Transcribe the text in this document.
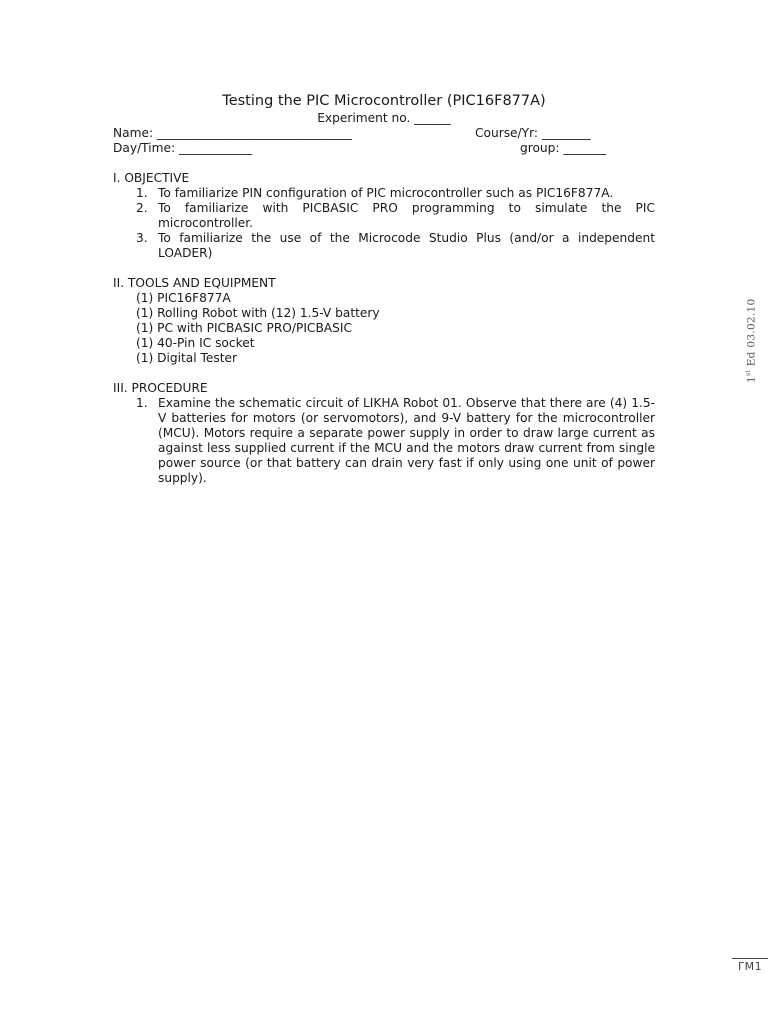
Testing the PIC Microcontroller (PIC16F877A)
Experiment no. ______
Name: ________________________________	Course/Yr: ________
Day/Time: ____________	group: _______
I. OBJECTIVE
1. To familiarize PIN configuration of PIC microcontroller such as PIC16F877A.
2. To familiarize with PICBASIC PRO programming to simulate the PIC microcontroller.
3. To familiarize the use of the Microcode Studio Plus (and/or a independent LOADER)
II. TOOLS AND EQUIPMENT
(1) PIC16F877A
(1) Rolling Robot with (12) 1.5-V battery
(1) PC with PICBASIC PRO/PICBASIC
(1) 40-Pin IC socket
(1) Digital Tester
III. PROCEDURE
1. Examine the schematic circuit of LIKHA Robot 01. Observe that there are (4) 1.5-V batteries for motors (or servomotors), and 9-V battery for the microcontroller (MCU). Motors require a separate power supply in order to draw large current as against less supplied current if the MCU and the motors draw current from single power source (or that battery can drain very fast if only using one unit of power supply).
1st Ed 03.02.10
ΓM1
